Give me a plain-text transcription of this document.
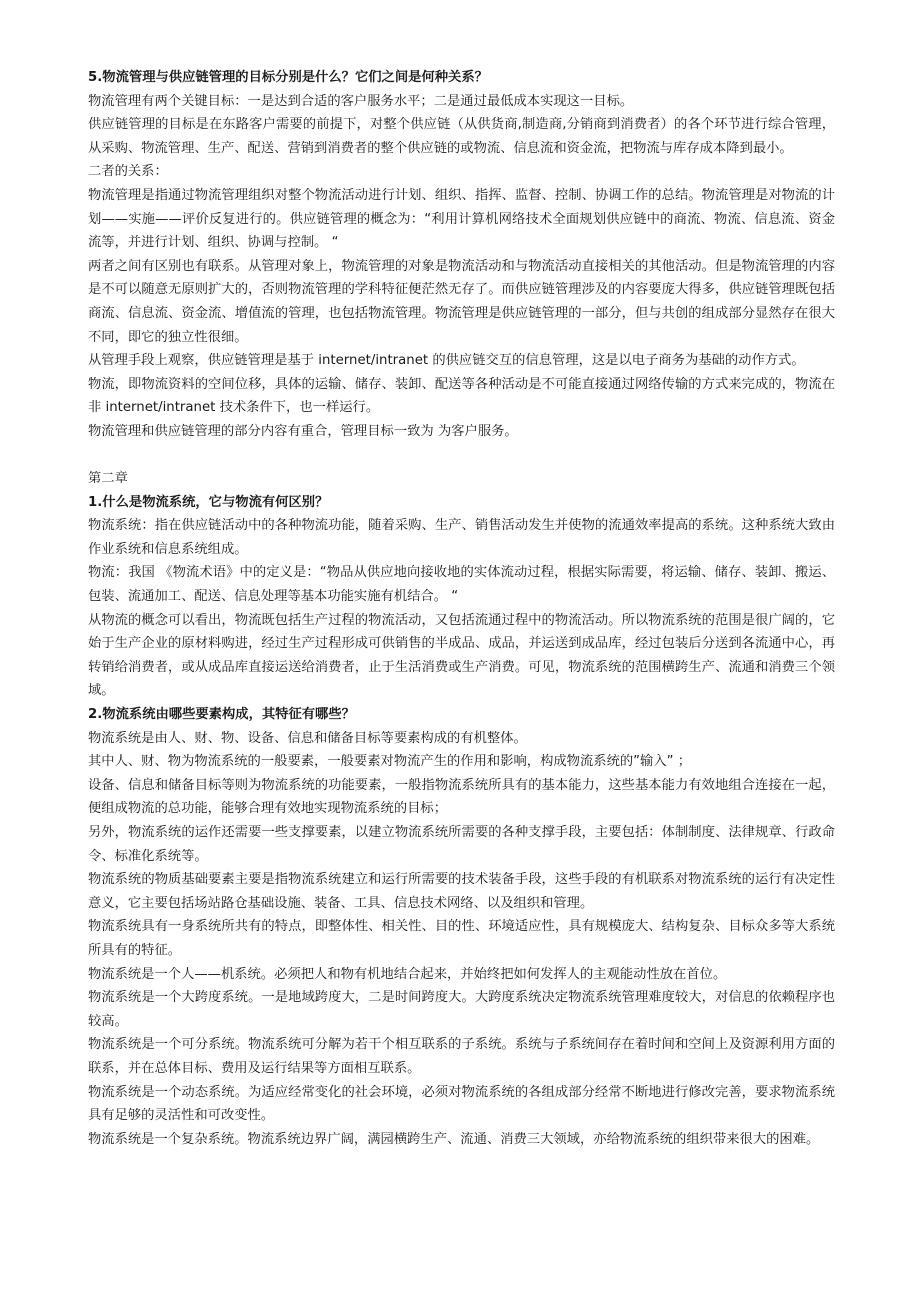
5.物流管理与供应链管理的目标分别是什么？它们之间是何种关系？

物流管理有两个关键目标：一是达到合适的客户服务水平；二是通过最低成本实现这一目标。

供应链管理的目标是在东路客户需要的前提下，对整个供应链（从供货商,制造商,分销商到消费者）的各个环节进行综合管理，从采购、物流管理、生产、配送、营销到消费者的整个供应链的或物流、信息流和资金流，把物流与库存成本降到最小。

二者的关系：

物流管理是指通过物流管理组织对整个物流活动进行计划、组织、指挥、监督、控制、协调工作的总结。物流管理是对物流的计划——实施——评价反复进行的。供应链管理的概念为：“利用计算机网络技术全面规划供应链中的商流、物流、信息流、资金流等，并进行计划、组织、协调与控制。 “

两者之间有区别也有联系。从管理对象上，物流管理的对象是物流活动和与物流活动直接相关的其他活动。但是物流管理的内容是不可以随意无原则扩大的，否则物流管理的学科特征便茫然无存了。而供应链管理涉及的内容要庞大得多，供应链管理既包括商流、信息流、资金流、增值流的管理，也包括物流管理。物流管理是供应链管理的一部分，但与共创的组成部分显然存在很大不同，即它的独立性很细。

从管理手段上观察，供应链管理是基于 internet/intranet 的供应链交互的信息管理，这是以电子商务为基础的动作方式。

物流，即物流资料的空间位移，具体的运输、储存、装卸、配送等各种活动是不可能直接通过网络传输的方式来完成的，物流在非 internet/intranet 技术条件下，也一样运行。

物流管理和供应链管理的部分内容有重合，管理目标一致为 为客户服务。

第二章

1.什么是物流系统，它与物流有何区别？

物流系统：指在供应链活动中的各种物流功能，随着采购、生产、销售活动发生并使物的流通效率提高的系统。这种系统大致由作业系统和信息系统组成。

物流：我国 《物流术语》中的定义是：“物品从供应地向接收地的实体流动过程，根据实际需要，将运输、储存、装卸、搬运、包装、流通加工、配送、信息处理等基本功能实施有机结合。 “

从物流的概念可以看出，物流既包括生产过程的物流活动，又包括流通过程中的物流活动。所以物流系统的范围是很广阔的，它始于生产企业的原材料购进，经过生产过程形成可供销售的半成品、成品，并运送到成品库，经过包装后分送到各流通中心，再转销给消费者，或从成品库直接运送给消费者，止于生活消费或生产消费。可见，物流系统的范围横跨生产、流通和消费三个领域。

2.物流系统由哪些要素构成，其特征有哪些？

物流系统是由人、财、物、设备、信息和储备目标等要素构成的有机整体。

其中人、财、物为物流系统的一般要素，一般要素对物流产生的作用和影响，构成物流系统的”输入” ；

设备、信息和储备目标等则为物流系统的功能要素，一般指物流系统所具有的基本能力，这些基本能力有效地组合连接在一起，便组成物流的总功能，能够合理有效地实现物流系统的目标；

另外，物流系统的运作还需要一些支撑要素，以建立物流系统所需要的各种支撑手段，主要包括：体制制度、法律规章、行政命令、标准化系统等。

物流系统的物质基础要素主要是指物流系统建立和运行所需要的技术装备手段，这些手段的有机联系对物流系统的运行有决定性意义，它主要包括场站路仓基础设施、装备、工具、信息技术网络、以及组织和管理。

物流系统具有一身系统所共有的特点，即整体性、相关性、目的性、环境适应性，具有规模庞大、结构复杂、目标众多等大系统所具有的特征。

物流系统是一个人——机系统。必须把人和物有机地结合起来，并始终把如何发挥人的主观能动性放在首位。

物流系统是一个大跨度系统。一是地域跨度大，二是时间跨度大。大跨度系统决定物流系统管理难度较大，对信息的依赖程序也较高。

物流系统是一个可分系统。物流系统可分解为若干个相互联系的子系统。系统与子系统间存在着时间和空间上及资源利用方面的联系，并在总体目标、费用及运行结果等方面相互联系。

物流系统是一个动态系统。为适应经常变化的社会环境，必须对物流系统的各组成部分经常不断地进行修改完善，要求物流系统具有足够的灵活性和可改变性。

物流系统是一个复杂系统。物流系统边界广阔，满园横跨生产、流通、消费三大领域，亦给物流系统的组织带来很大的困难。
